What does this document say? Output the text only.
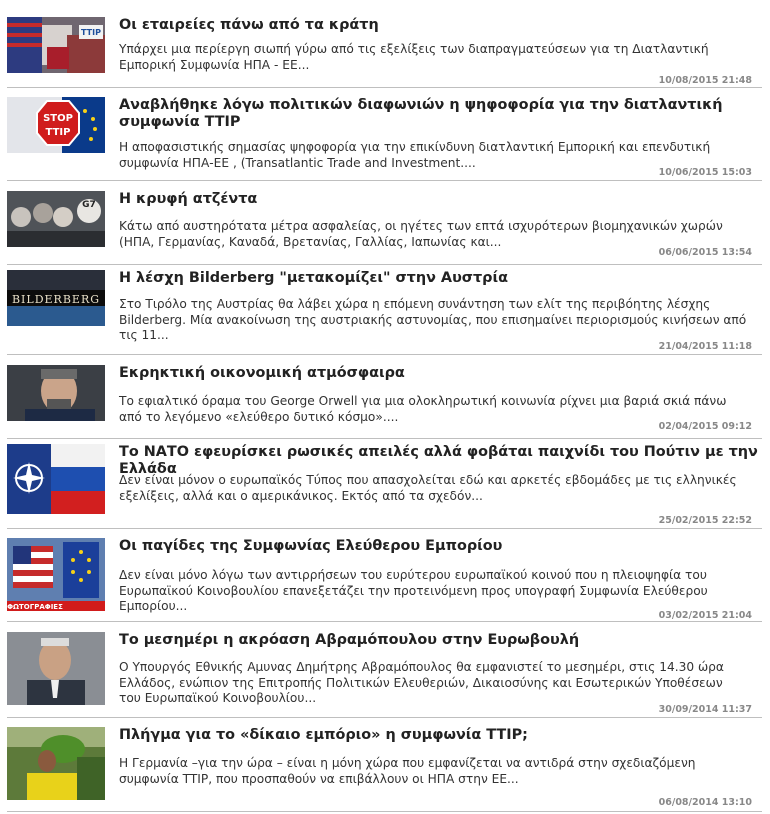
TTIP Οι εταιρείες πάνω από τα κράτη

Υπάρχει μια περίεργη σιωπή γύρω από τις εξελίξεις των διαπραγματεύσεων για τη Διατλαντική Εμπορική Συμφωνία ΗΠΑ - ΕΕ...

10/08/2015 21:48
STOP
TTIP
Αναβλήθηκε λόγω πολιτικών διαφωνιών η ψηφοφορία για την διατλαντική συμφωνία TTIP

Η αποφασιστικής σημασίας ψηφοφορία για την επικίνδυνη διατλαντική Εμπορική και επενδυτική συμφωνία ΗΠΑ-ΕΕ , (Transatlantic Trade and Investment....

10/06/2015 15:03
G7 Η κρυφή ατζέντα

Κάτω από αυστηρότατα μέτρα ασφαλείας, οι ηγέτες των επτά ισχυρότερων βιομηχανικών χωρών (ΗΠΑ, Γερμανίας, Καναδά, Βρετανίας, Γαλλίας, Ιαπωνίας και...

06/06/2015 13:54
BILDERBERG
Η λέσχη Bilderberg "μετακομίζει" στην Αυστρία

Στο Τιρόλο της Αυστρίας θα λάβει χώρα η επόμενη συνάντηση των ελίτ της περιβόητης λέσχης Bilderberg. Μία ανακοίνωση της αυστριακής αστυνομίας, που επισημαίνει περιορισμούς κινήσεων από τις 11...

21/04/2015 11:18
Εκρηκτική οικονομική ατμόσφαιρα

Το εφιαλτικό όραμα του George Orwell για μια ολοκληρωτική κοινωνία ρίχνει μια βαριά σκιά πάνω από το λεγόμενο «ελεύθερο δυτικό κόσμο»....

02/04/2015 09:12
Το ΝΑΤΟ εφευρίσκει ρωσικές απειλές αλλά φοβάται παιχνίδι του Πούτιν με την Ελλάδα

Δεν είναι μόνον ο ευρωπαϊκός Τύπος που απασχολείται εδώ και αρκετές εβδομάδες με τις ελληνικές εξελίξεις, αλλά και ο αμερικάνικος. Εκτός από τα σχεδόν...

25/02/2015 22:52
ΦΩΤΟΓΡΑΦΙΕΣ
Οι παγίδες της Συμφωνίας Ελεύθερου Εμπορίου

Δεν είναι μόνο λόγω των αντιρρήσεων του ευρύτερου ευρωπαϊκού κοινού που η πλειοψηφία του Ευρωπαϊκού Κοινοβουλίου επανεξετάζει την προτεινόμενη προς υπογραφή Συμφωνία Ελεύθερου Εμπορίου...

03/02/2015 21:04
Το μεσημέρι η ακρόαση Αβραμόπουλου στην Ευρωβουλή

Ο Υπουργός Εθνικής Αμυνας Δημήτρης Αβραμόπουλος θα εμφανιστεί το μεσημέρι, στις 14.30 ώρα Ελλάδος, ενώπιον της Επιτροπής Πολιτικών Ελευθεριών, Δικαιοσύνης και Εσωτερικών Υποθέσεων του Ευρωπαϊκού Κοινοβουλίου...

30/09/2014 11:37
Πλήγμα για το «δίκαιο εμπόριο» η συμφωνία TTIP;

Η Γερμανία –για την ώρα – είναι η μόνη χώρα που εμφανίζεται να αντιδρά στην σχεδιαζόμενη συμφωνία TTIP, που προσπαθούν να επιβάλλουν οι ΗΠΑ στην ΕΕ...

06/08/2014 13:10
